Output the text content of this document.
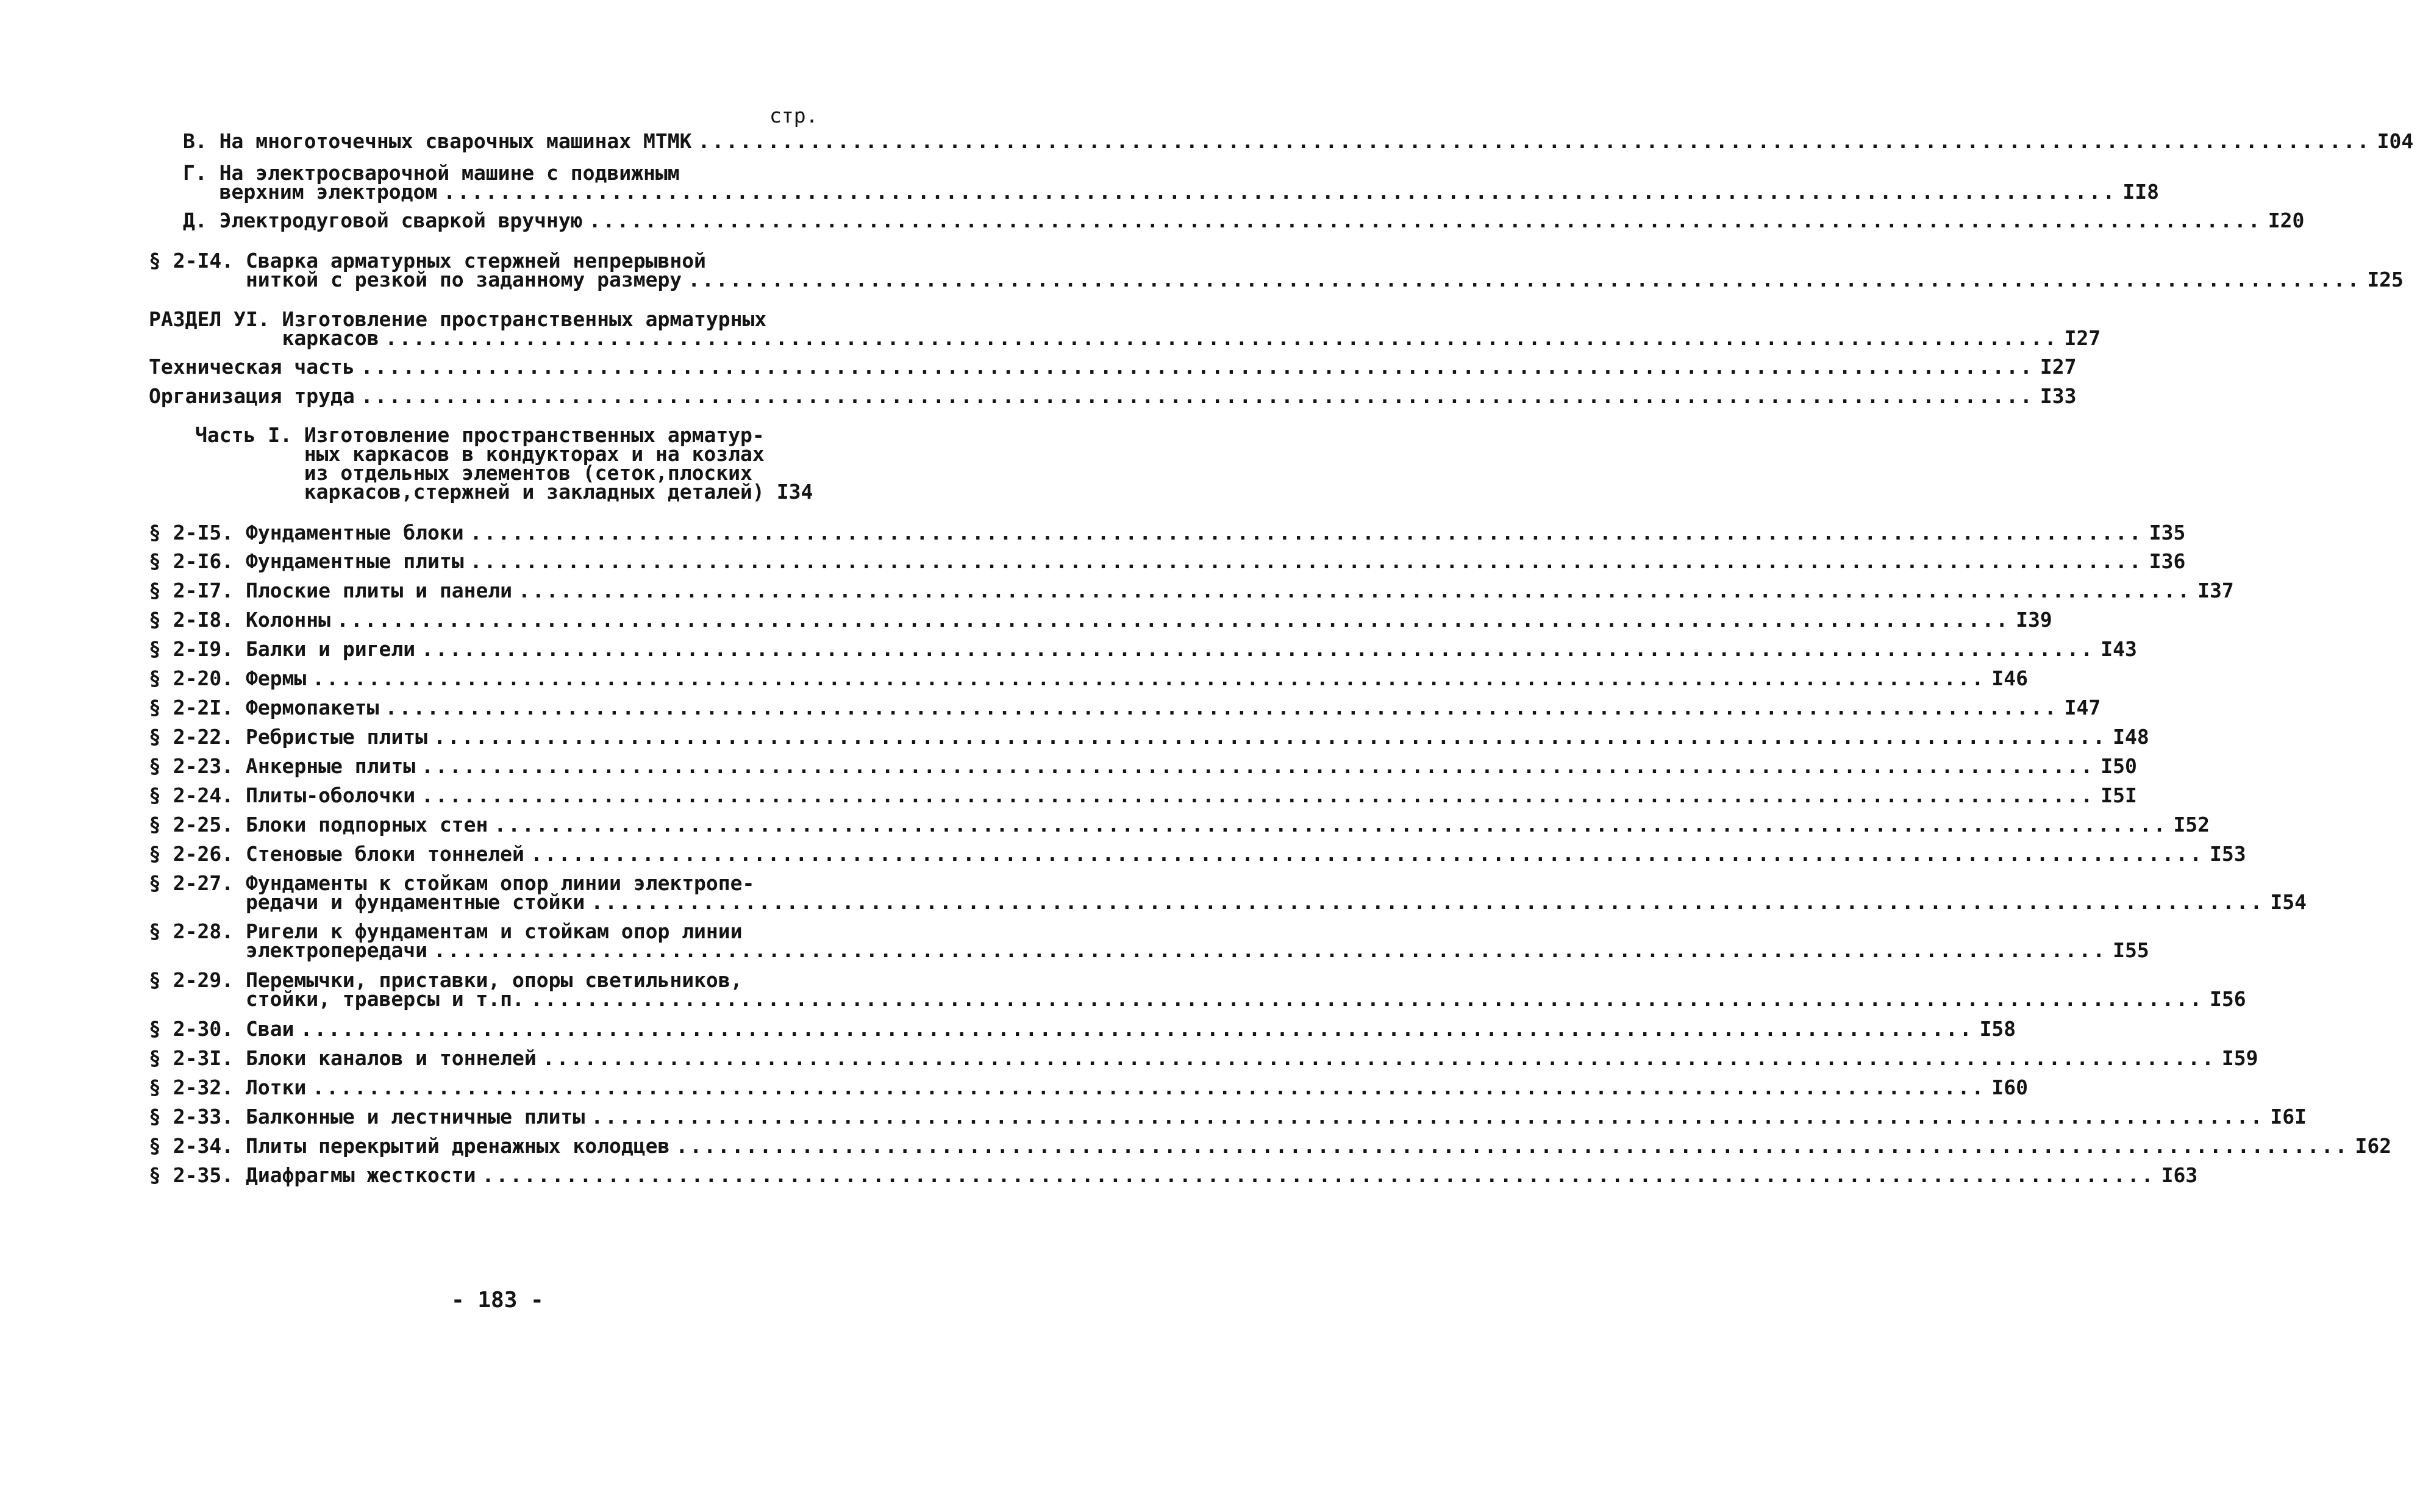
стр.
В. На многоточечных сварочных машинах МТМК ........................................................................................................................ I04
Г. На электросварочной машине с подвижным
верхним электродом ........................................................................................................................ II8
Д. Электродуговой сваркой вручную ........................................................................................................................ I20
§ 2-I4. Сварка арматурных стержней непрерывной
ниткой с резкой по заданному размеру ........................................................................................................................ I25
РАЗДЕЛ УI. Изготовление пространственных арматурных
каркасов ........................................................................................................................ I27
Техническая часть ........................................................................................................................ I27
Организация труда ........................................................................................................................ I33
Часть I. Изготовление пространственных арматур-
ных каркасов в кондукторах и на козлах
из отдельных элементов (сеток,плоских
каркасов,стержней и закладных деталей) I34
§ 2-I5. Фундаментные блоки ........................................................................................................................ I35
§ 2-I6. Фундаментные плиты ........................................................................................................................ I36
§ 2-I7. Плоские плиты и панели ........................................................................................................................ I37
§ 2-I8. Колонны ........................................................................................................................ I39
§ 2-I9. Балки и ригели ........................................................................................................................ I43
§ 2-20. Фермы ........................................................................................................................ I46
§ 2-2I. Фермопакеты ........................................................................................................................ I47
§ 2-22. Ребристые плиты ........................................................................................................................ I48
§ 2-23. Анкерные плиты ........................................................................................................................ I50
§ 2-24. Плиты-оболочки ........................................................................................................................ I5I
§ 2-25. Блоки подпорных стен ........................................................................................................................ I52
§ 2-26. Стеновые блоки тоннелей ........................................................................................................................ I53
§ 2-27. Фундаменты к стойкам опор линии электропе-
редачи и фундаментные стойки ........................................................................................................................ I54
§ 2-28. Ригели к фундаментам и стойкам опор линии
электропередачи ........................................................................................................................ I55
§ 2-29. Перемычки, приставки, опоры светильников,
стойки, траверсы и т.п. ........................................................................................................................ I56
§ 2-30. Сваи ........................................................................................................................ I58
§ 2-3I. Блоки каналов и тоннелей ........................................................................................................................ I59
§ 2-32. Лотки ........................................................................................................................ I60
§ 2-33. Балконные и лестничные плиты ........................................................................................................................ I6I
§ 2-34. Плиты перекрытий дренажных колодцев ........................................................................................................................ I62
§ 2-35. Диафрагмы жесткости ........................................................................................................................ I63
- 183 -
